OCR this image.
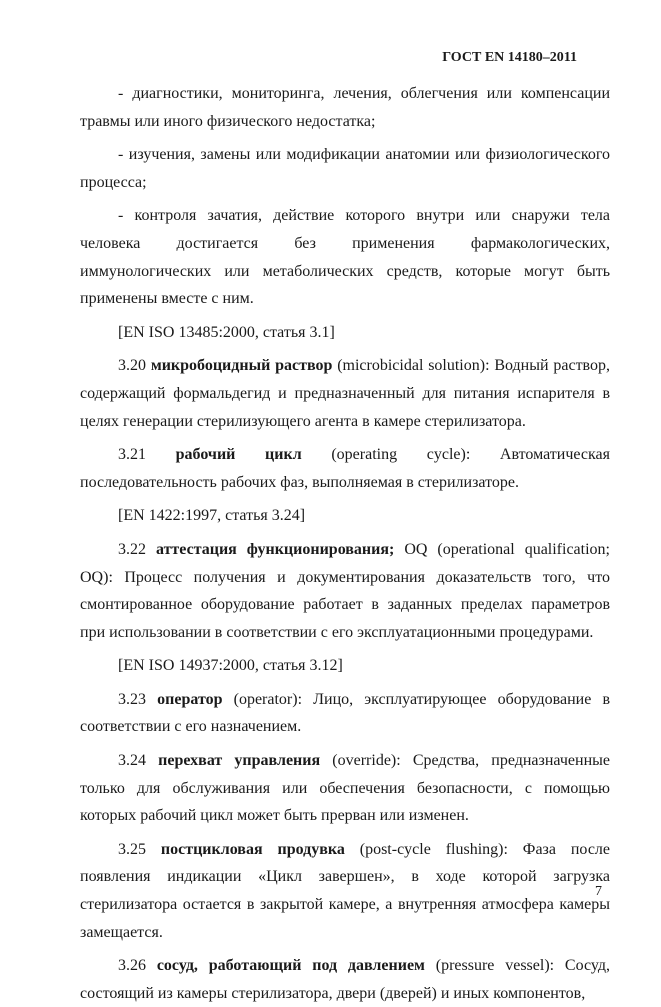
ГОСТ EN 14180–2011

- диагностики, мониторинга, лечения, облегчения или компенсации травмы или иного физического недостатка;

- изучения, замены или модификации анатомии или физиологического процесса;

- контроля зачатия, действие которого внутри или снаружи тела человека достигается без применения фармакологических, иммунологических или метаболических средств, которые могут быть применены вместе с ним.

[EN ISO 13485:2000, статья 3.1]

3.20 микробоцидный раствор (microbicidal solution): Водный раствор, содержащий формальдегид и предназначенный для питания испарителя в целях генерации стерилизующего агента в камере стерилизатора.

3.21 рабочий цикл (operating cycle): Автоматическая последовательность рабочих фаз, выполняемая в стерилизаторе.

[EN 1422:1997, статья 3.24]

3.22 аттестация функционирования; OQ (operational qualification; OQ): Процесс получения и документирования доказательств того, что смонтированное оборудование работает в заданных пределах параметров при использовании в соответствии с его эксплуатационными процедурами.

[EN ISO 14937:2000, статья 3.12]

3.23 оператор (operator): Лицо, эксплуатирующее оборудование в соответствии с его назначением.

3.24 перехват управления (override): Средства, предназначенные только для обслуживания или обеспечения безопасности, с помощью которых рабочий цикл может быть прерван или изменен.

3.25 постцикловая продувка (post-cycle flushing): Фаза после появления индикации «Цикл завершен», в ходе которой загрузка стерилизатора остается в закрытой камере, а внутренняя атмосфера камеры замещается.

3.26 сосуд, работающий под давлением (pressure vessel): Сосуд, состоящий из камеры стерилизатора, двери (дверей) и иных компонентов,

7
